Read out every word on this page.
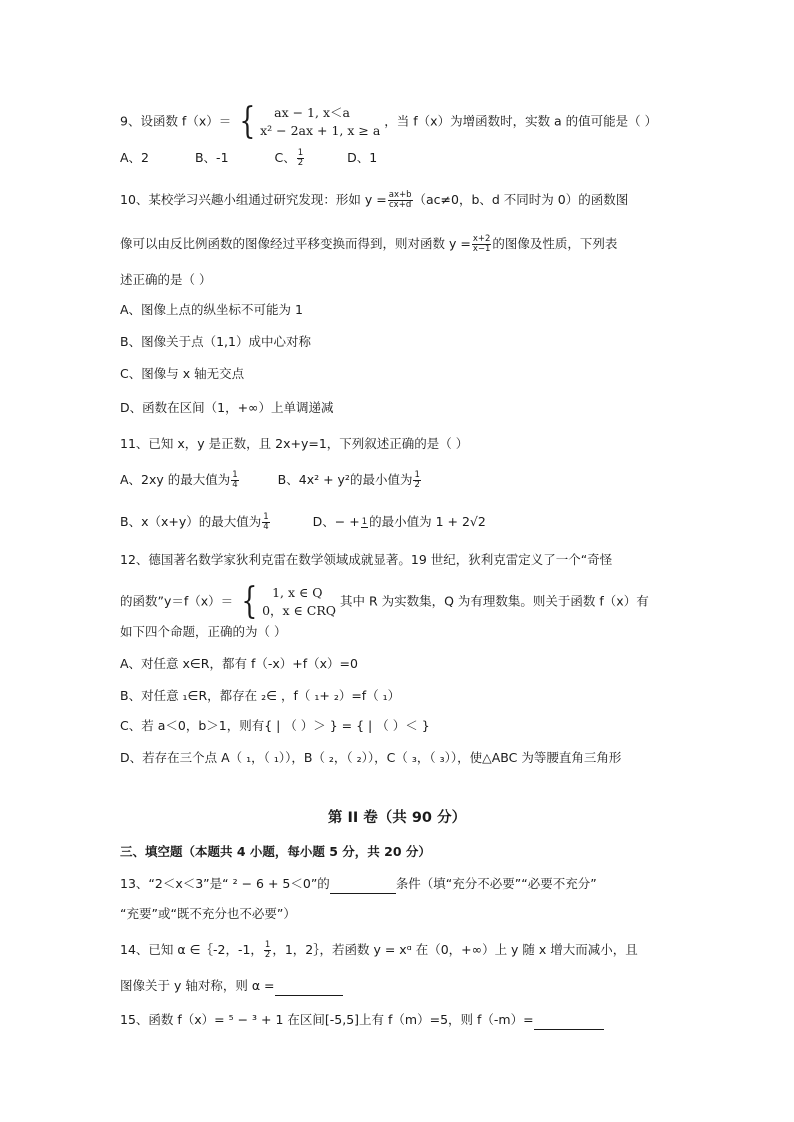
9、设函数 f（x）＝ {	ax − 1, x＜a
x² − 2ax + 1, x ≥ a
，当 f（x）为增函数时，实数 a 的值可能是（ ）
A、2	B、-1	C、 $\frac{1}{2}$	D、1
10、某校学习兴趣小组通过研究发现：形如 $y = \frac{ax+b}{cx+d} (ac\ne 0$，b、d 不同时为 0）的函数图
像可以由反比例函数的图像经过平移变换而得到，则对函数 $y = \frac{x+2}{x-1}$ 的图像及性质，下列表
述正确的是（ ）
A、图像上点的纵坐标不可能为 1
B、图像关于点（1,1）成中心对称
C、图像与 x 轴无交点
D、函数在区间（1，+∞）上单调递减
11、已知 x，y 是正数，且 2x+y=1，下列叙述正确的是（ ）
A、2xy 的最大值为 $\frac{1}{4}$	B、4x² + y²的最小值为 $\frac{1}{2}$
B、x（x+y）的最大值为 $\frac{1}{4}$	D、− + 1 的最小值为 1 + 2√2
12、德国著名数学家狄利克雷在数学领域成就显著。19 世纪，狄利克雷定义了一个“奇怪
的函数”y＝f（x）＝ {	1, x ∈ Q
0，x ∈ CRQ
其中 R 为实数集，Q 为有理数集。则关于函数 f（x）有
如下四个命题，正确的为（ ）
A、对任意 x∈R，都有 f（-x）+f（x）=0
B、对任意 ₁∈R，都存在 ₂∈ ，f（ ₁+ ₂）=f（ ₁）
C、若 a＜0，b＞1，则有{ | （ ）＞ } = { | （ ）＜ }
D、若存在三个点 A（ ₁，（ ₁）），B（ ₂，（ ₂）），C（ ₃，（ ₃）），使△ABC 为等腰直角三角形
第 II 卷（共 90 分）
三、填空题（本题共 4 小题，每小题 5 分，共 20 分）
13、“2＜x＜3”是“ ² − 6 + 5＜0”的	条件（填“充分不必要”“必要不充分”
“充要”或“既不充分也不必要”）
14、已知 α ∈｛-2，-1， $\frac{1}{2}$ ，1，2｝，若函数 y = xᵅ 在（0，+∞）上 y 随 x 增大而减小，且
图像关于 y 轴对称，则 α =
15、函数 f（x）= ⁵ − ³ + 1 在区间[-5,5]上有 f（m）=5，则 f（-m）=
